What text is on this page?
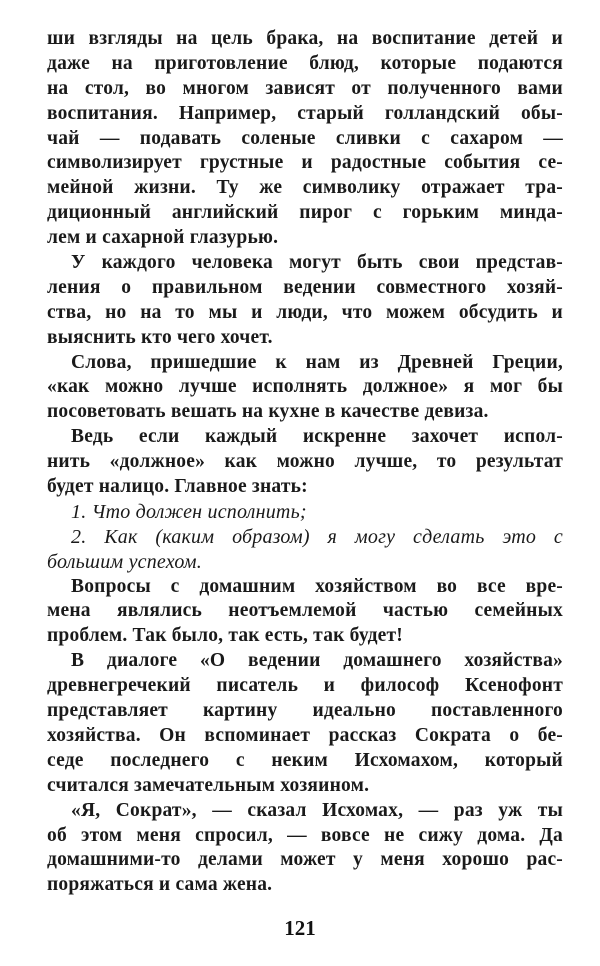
ши взгляды на цель брака, на воспитание детей и
даже на приготовление блюд, которые подаются
на стол, во многом зависят от полученного вами
воспитания. Например, старый голландский обы-
чай — подавать соленые сливки с сахаром —
символизирует грустные и радостные события се-
мейной жизни. Ту же символику отражает тра-
диционный английский пирог с горьким минда-
лем и сахарной глазурью.
У каждого человека могут быть свои представ-
ления о правильном ведении совместного хозяй-
ства, но на то мы и люди, что можем обсудить и
выяснить кто чего хочет.
Слова, пришедшие к нам из Древней Греции,
«как можно лучше исполнять должное» я мог бы
посоветовать вешать на кухне в качестве девиза.
Ведь если каждый искренне захочет испол-
нить «должное» как можно лучше, то результат
будет налицо. Главное знать:
1. Что должен исполнить;
2. Как (каким образом) я могу сделать это с
большим успехом.
Вопросы с домашним хозяйством во все вре-
мена являлись неотъемлемой частью семейных
проблем. Так было, так есть, так будет!
В диалоге «О ведении домашнего хозяйства»
древнегречекий писатель и философ Ксенофонт
представляет картину идеально поставленного
хозяйства. Он вспоминает рассказ Сократа о бе-
седе последнего с неким Исхомахом, который
считался замечательным хозяином.
«Я, Сократ», — сказал Исхомах, — раз уж ты
об этом меня спросил, — вовсе не сижу дома. Да
домашними-то делами может у меня хорошо рас-
поряжаться и сама жена.
121
